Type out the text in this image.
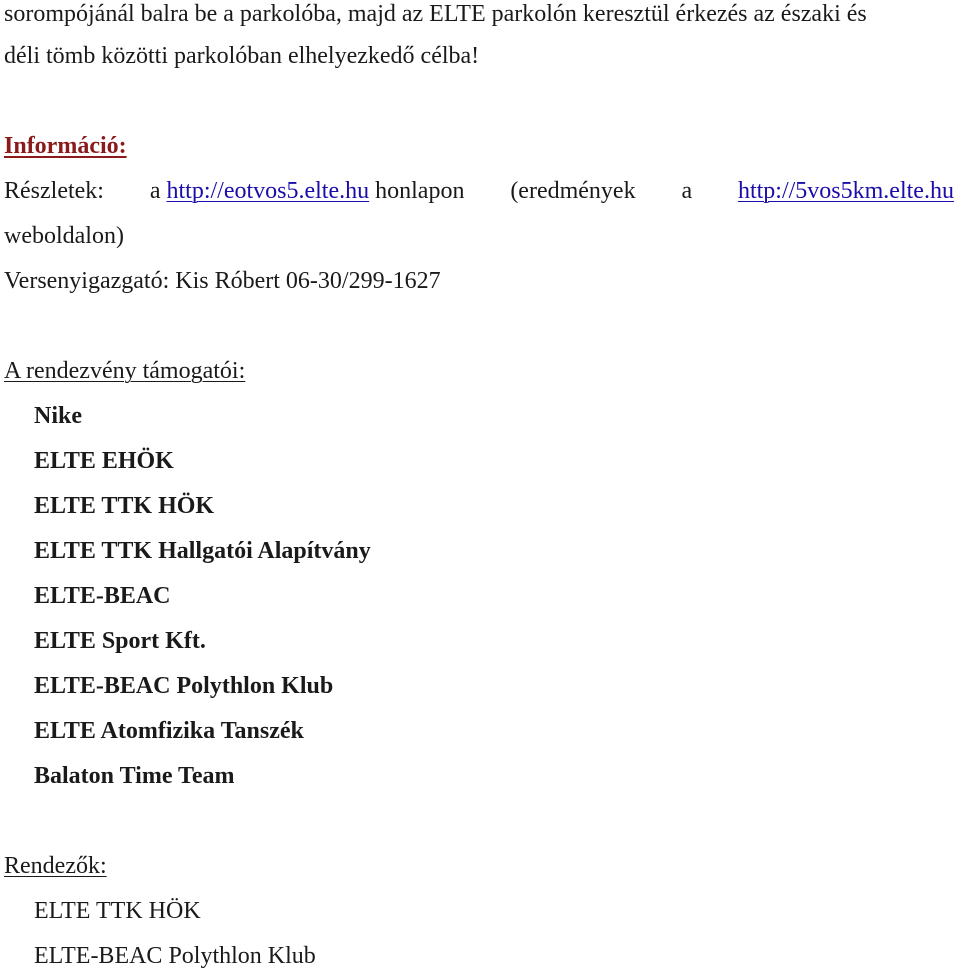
sorompójánál balra be a parkolóba, majd az ELTE parkolón keresztül érkezés az északi és
déli tömb közötti parkolóban elhelyezkedő célba!
Információ:
Részletek: a http://eotvos5.elte.hu honlapon (eredmények a http://5vos5km.elte.hu
weboldalon)
Versenyigazgató: Kis Róbert 06-30/299-1627
A rendezvény támogatói:
Nike
ELTE EHÖK
ELTE TTK HÖK
ELTE TTK Hallgatói Alapítvány
ELTE-BEAC
ELTE Sport Kft.
ELTE-BEAC Polythlon Klub
ELTE Atomfizika Tanszék
Balaton Time Team
Rendezők:
ELTE TTK HÖK
ELTE-BEAC Polythlon Klub
